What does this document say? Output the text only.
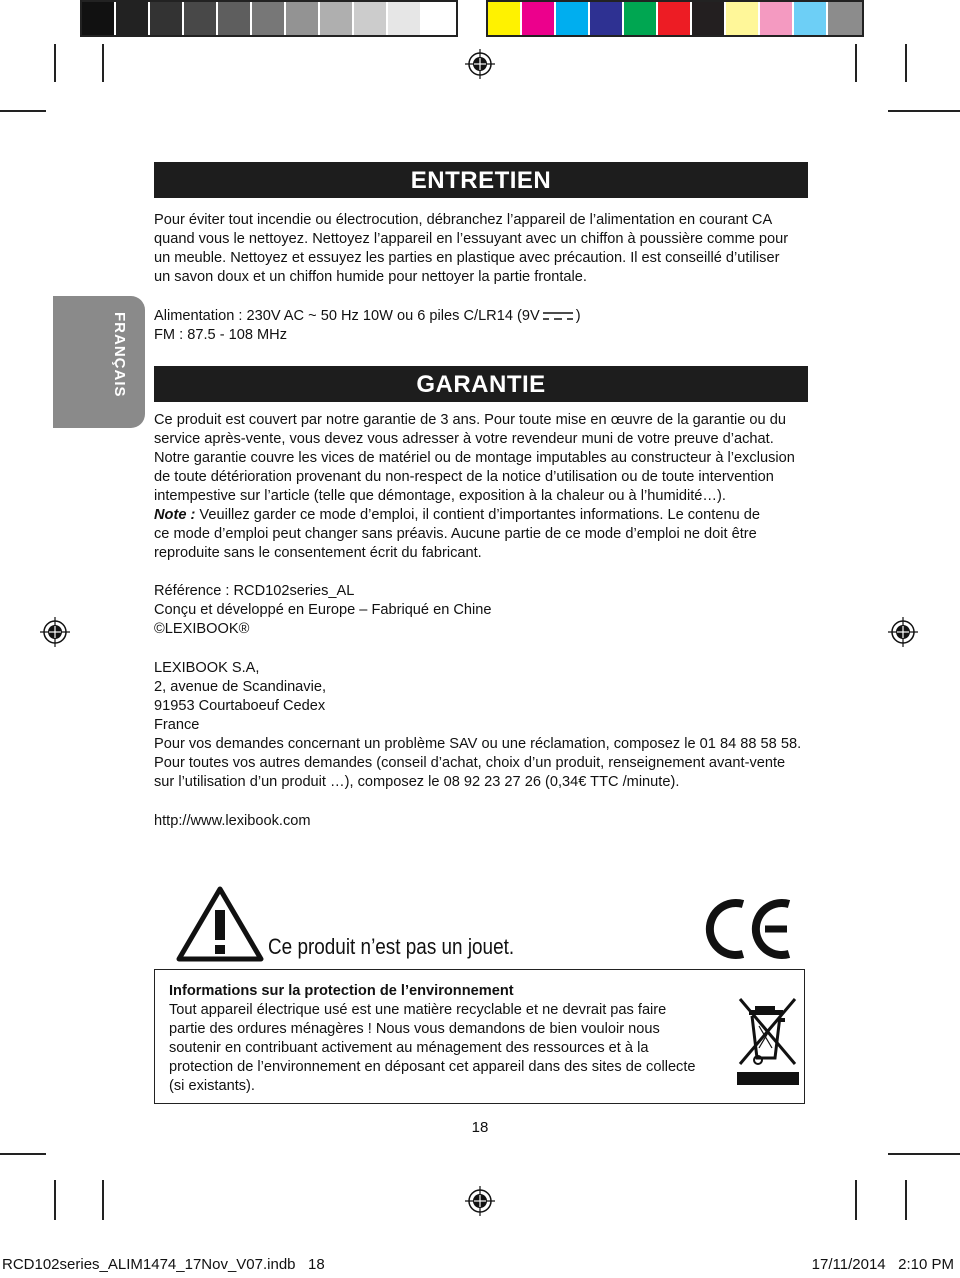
FRANÇAIS
ENTRETIEN

Pour éviter tout incendie ou électrocution, débranchez l’appareil de l’alimentation en courant CA

quand vous le nettoyez. Nettoyez l’appareil en l’essuyant avec un chiffon à poussière comme pour

un meuble. Nettoyez et essuyez les parties en plastique avec précaution. Il est conseillé d’utiliser

un savon doux et un chiffon humide pour nettoyer la partie frontale.

Alimentation : 230V AC ~ 50 Hz 10W ou 6 piles C/LR14 (9V )

FM : 87.5 - 108 MHz

GARANTIE

Ce produit est couvert par notre garantie de 3 ans. Pour toute mise en œuvre de la garantie ou du

service après-vente, vous devez vous adresser à votre revendeur muni de votre preuve d’achat.

Notre garantie couvre les vices de matériel ou de montage imputables au constructeur à l’exclusion

de toute détérioration provenant du non-respect de la notice d’utilisation ou de toute intervention

intempestive sur l’article (telle que démontage, exposition à la chaleur ou à l’humidité…).

Note : Veuillez garder ce mode d’emploi, il contient d’importantes informations. Le contenu de

ce mode d’emploi peut changer sans préavis. Aucune partie de ce mode d’emploi ne doit être

reproduite sans le consentement écrit du fabricant.

Référence : RCD102series_AL

Conçu et développé en Europe – Fabriqué en Chine

©LEXIBOOK®

LEXIBOOK S.A,

2, avenue de Scandinavie,

91953 Courtaboeuf Cedex

France

Pour vos demandes concernant un problème SAV ou une réclamation, composez le 01 84 88 58 58.

Pour toutes vos autres demandes (conseil d’achat, choix d’un produit, renseignement avant-vente

sur l’utilisation d’un produit …), composez le 08 92 23 27 26 (0,34€ TTC /minute).

http://www.lexibook.com

Ce produit n’est pas un jouet.
Informations sur la protection de l’environnement
Tout appareil électrique usé est une matière recyclable et ne devrait pas faire
partie des ordures ménagères ! Nous vous demandons de bien vouloir nous
soutenir en contribuant activement au ménagement des ressources et à la
protection de l’environnement en déposant cet appareil dans des sites de collecte
(si existants).
18
RCD102series_ALIM1474_17Nov_V07.indb   18	17/11/2014   2:10 PM
